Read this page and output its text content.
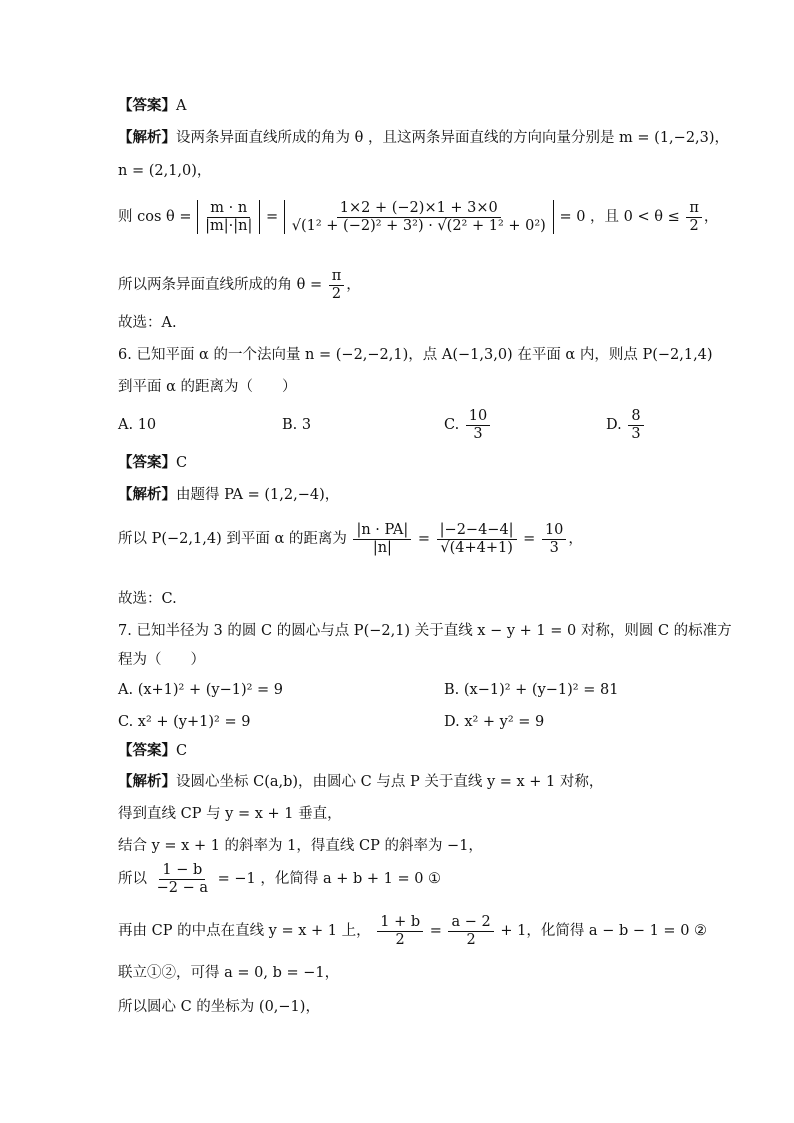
【答案】A
【解析】设两条异面直线所成的角为 θ ，且这两条异面直线的方向向量分别是 m = (1,−2,3)，
n = (2,1,0)，
则 $\cos \theta = \frac{m \cdot n}{|m|\cdot|n|} = \frac{1\times 2 + (-2)\times 1 + 3\times 0}{\text{√(1² + (−2)² + 3²) · √(2² + 1² + 0²)}} = 0$ ，且 $0 < \theta \le \frac{\pi}{2}$ ，
所以两条异面直线所成的角 $\theta = \frac{\pi}{2}$ ，
故选：A.
6. 已知平面 α 的一个法向量 n = (−2,−2,1)，点 A(−1,3,0) 在平面 α 内，则点 P(−2,1,4)
到平面 α 的距离为（　　）
A. 10	B. 3	C. $\frac{10}{3}$	D. $\frac{8}{3}$
【答案】C
【解析】由题得 PA = (1,2,−4)，
所以 P(−2,1,4) 到平面 α 的距离为 $\frac{|n \cdot PA|}{|n|} = \frac{|-2-4-4|}{√(4+4+1)} = \frac{10}{3}$ ，
故选：C.
7. 已知半径为 3 的圆 C 的圆心与点 P(−2,1) 关于直线 x − y + 1 = 0 对称，则圆 C 的标准方
程为（　　）
A. (x+1)² + (y−1)² = 9	B. (x−1)² + (y−1)² = 81
C. x² + (y+1)² = 9	D. x² + y² = 9
【答案】C
【解析】设圆心坐标 C(a,b)，由圆心 C 与点 P 关于直线 y = x + 1 对称，
得到直线 CP 与 y = x + 1 垂直，
结合 y = x + 1 的斜率为 1，得直线 CP 的斜率为 −1，
所以 $\frac{1 - b}{-2 - a} = -1$ ，化简得 a + b + 1 = 0 ①
再由 CP 的中点在直线 y = x + 1 上， $\frac{1 + b}{2} = \frac{a - 2}{2} + 1$，化简得 a − b − 1 = 0 ②
联立①②，可得 a = 0, b = −1，
所以圆心 C 的坐标为 (0,−1)，
